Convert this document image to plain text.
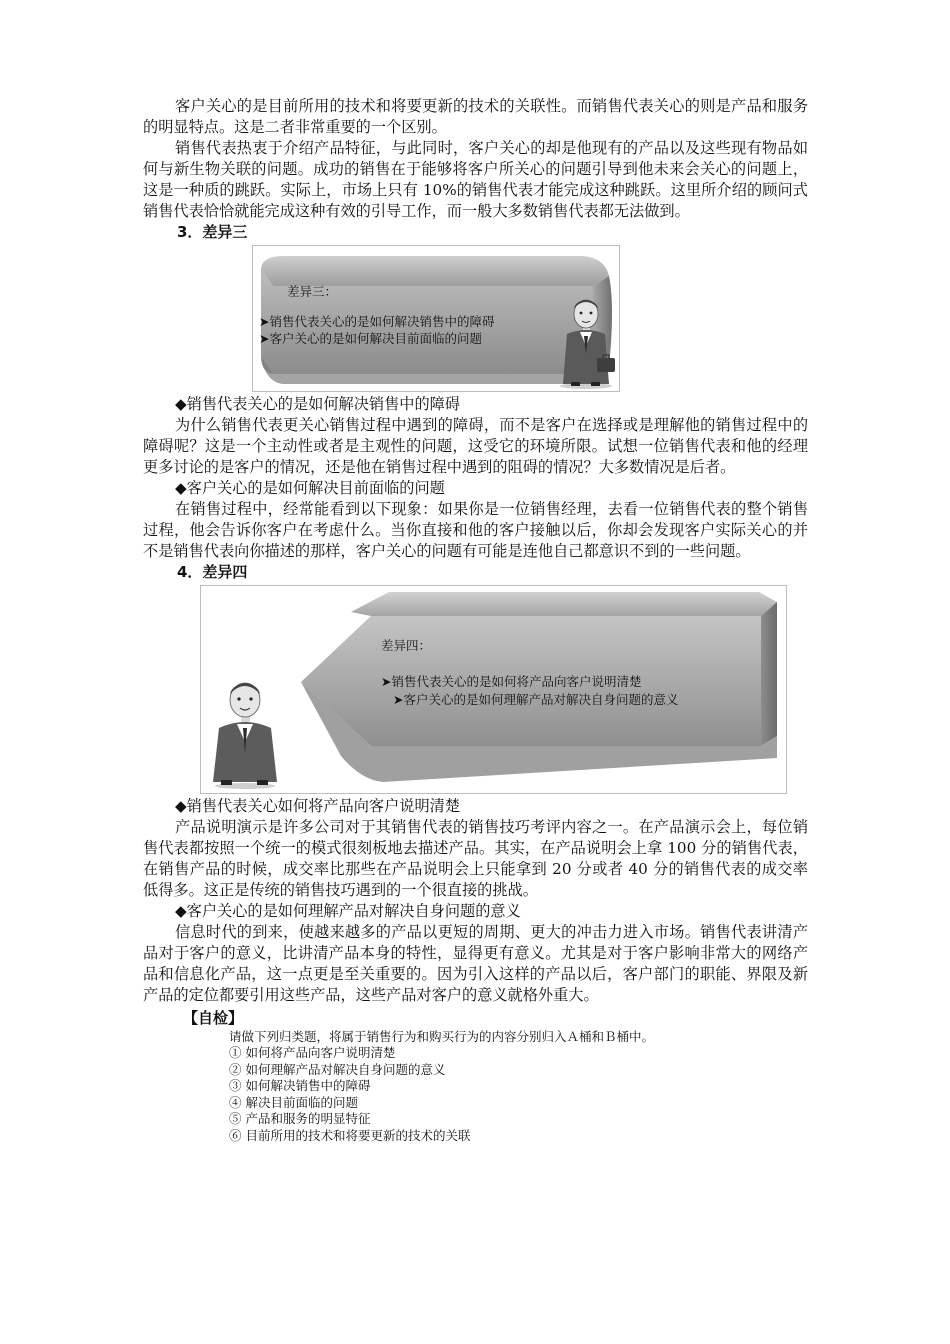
客户关心的是目前所用的技术和将要更新的技术的关联性。而销售代表关心的则是产品和服务的明显特点。这是二者非常重要的一个区别。

销售代表热衷于介绍产品特征，与此同时，客户关心的却是他现有的产品以及这些现有物品如何与新生物关联的问题。成功的销售在于能够将客户所关心的问题引导到他未来会关心的问题上，这是一种质的跳跃。实际上，市场上只有 10%的销售代表才能完成这种跳跃。这里所介绍的顾问式销售代表恰恰就能完成这种有效的引导工作，而一般大多数销售代表都无法做到。

3．差异三
差异三：
➤销售代表关心的是如何解决销售中的障碍
➤客户关心的是如何解决目前面临的问题

◆销售代表关心的是如何解决销售中的障碍

为什么销售代表更关心销售过程中遇到的障碍，而不是客户在选择或是理解他的销售过程中的障碍呢？这是一个主动性或者是主观性的问题，这受它的环境所限。试想一位销售代表和他的经理更多讨论的是客户的情况，还是他在销售过程中遇到的阻碍的情况？大多数情况是后者。

◆客户关心的是如何解决目前面临的问题

在销售过程中，经常能看到以下现象：如果你是一位销售经理，去看一位销售代表的整个销售过程，他会告诉你客户在考虑什么。当你直接和他的客户接触以后，你却会发现客户实际关心的并不是销售代表向你描述的那样，客户关心的问题有可能是连他自己都意识不到的一些问题。

4．差异四
差异四：
➤销售代表关心的是如何将产品向客户说明清楚
➤客户关心的是如何理解产品对解决自身问题的意义

◆销售代表关心如何将产品向客户说明清楚

产品说明演示是许多公司对于其销售代表的销售技巧考评内容之一。在产品演示会上，每位销售代表都按照一个统一的模式很刻板地去描述产品。其实，在产品说明会上拿 100 分的销售代表，在销售产品的时候，成交率比那些在产品说明会上只能拿到 20 分或者 40 分的销售代表的成交率低得多。这正是传统的销售技巧遇到的一个很直接的挑战。

◆客户关心的是如何理解产品对解决自身问题的意义

信息时代的到来，使越来越多的产品以更短的周期、更大的冲击力进入市场。销售代表讲清产品对于客户的意义，比讲清产品本身的特性，显得更有意义。尤其是对于客户影响非常大的网络产品和信息化产品，这一点更是至关重要的。因为引入这样的产品以后，客户部门的职能、界限及新产品的定位都要引用这些产品，这些产品对客户的意义就格外重大。

【自检】
请做下列归类题，将属于销售行为和购买行为的内容分别归入Ａ桶和Ｂ桶中。
① 如何将产品向客户说明清楚
② 如何理解产品对解决自身问题的意义
③ 如何解决销售中的障碍
④ 解决目前面临的问题
⑤ 产品和服务的明显特征
⑥ 目前所用的技术和将要更新的技术的关联
